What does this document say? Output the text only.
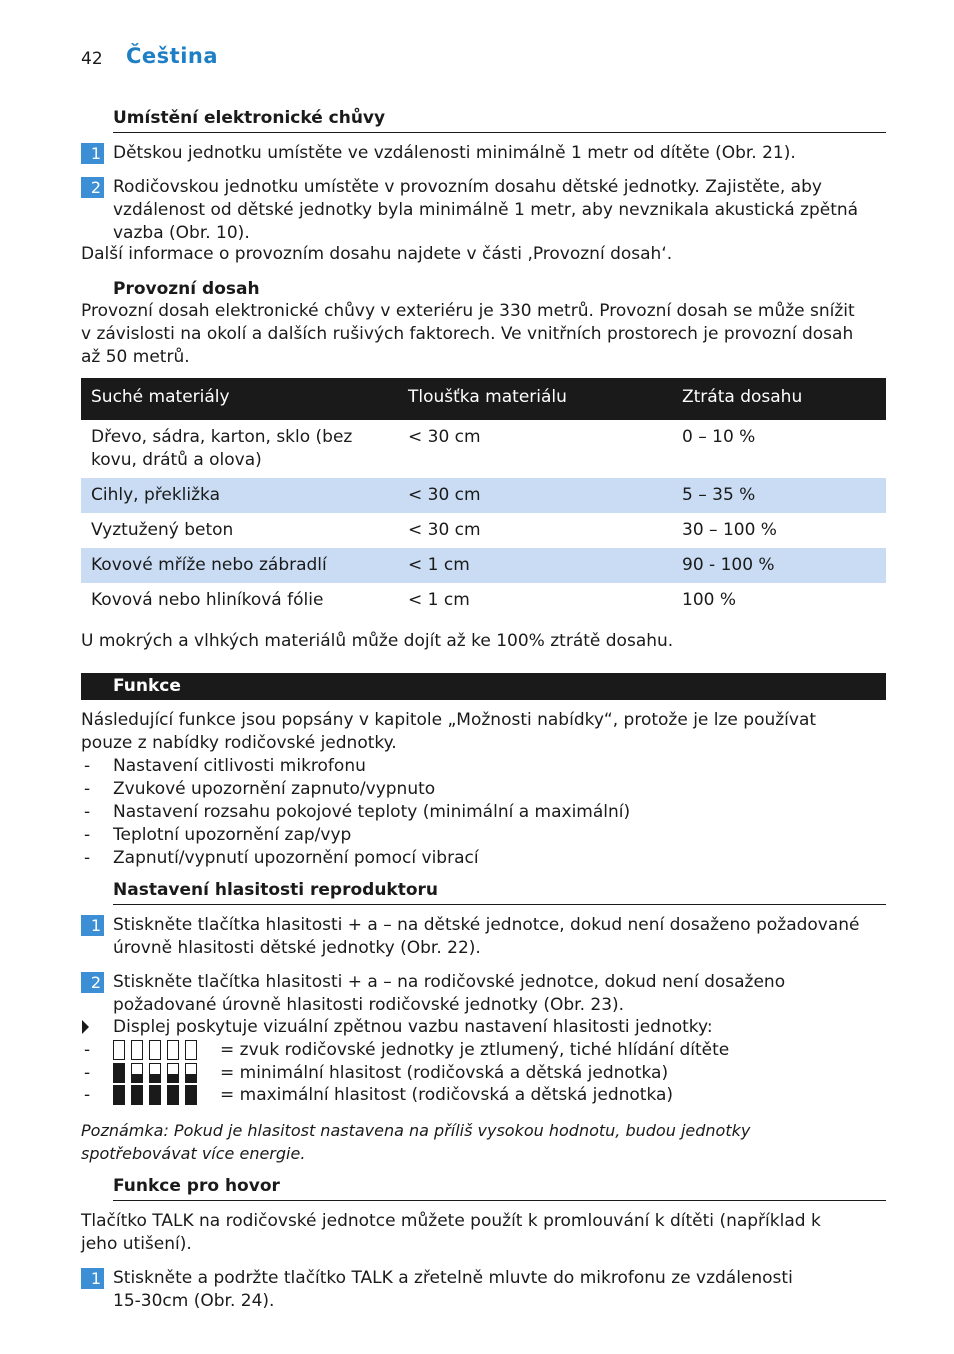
42 Čeština
Umístění elektronické chůvy
1 Dětskou jednotku umístěte ve vzdálenosti minimálně 1 metr od dítěte (Obr. 21).
2 Rodičovskou jednotku umístěte v provozním dosahu dětské jednotky. Zajistěte, aby vzdálenost od dětské jednotky byla minimálně 1 metr, aby nevznikala akustická zpětná vazba (Obr. 10).
Další informace o provozním dosahu najdete v části ‚Provozní dosah‘.
Provozní dosah
Provozní dosah elektronické chůvy v exteriéru je 330 metrů. Provozní dosah se může snížit v závislosti na okolí a dalších rušivých faktorech. Ve vnitřních prostorech je provozní dosah až 50 metrů.
Suché materiály	Tloušťka materiálu	Ztráta dosahu
Dřevo, sádra, karton, sklo (bez kovu, drátů a olova)	< 30 cm	0 – 10 %
Cihly, překližka	< 30 cm	5 – 35 %
Vyztužený beton	< 30 cm	30 – 100 %
Kovové mříže nebo zábradlí	< 1 cm	90 - 100 %
Kovová nebo hliníková fólie	< 1 cm	100 %
U mokrých a vlhkých materiálů může dojít až ke 100% ztrátě dosahu.
Funkce
Následující funkce jsou popsány v kapitole „Možnosti nabídky“, protože je lze používat pouze z nabídky rodičovské jednotky.
- Nastavení citlivosti mikrofonu
- Zvukové upozornění zapnuto/vypnuto
- Nastavení rozsahu pokojové teploty (minimální a maximální)
- Teplotní upozornění zap/vyp
- Zapnutí/vypnutí upozornění pomocí vibrací
Nastavení hlasitosti reproduktoru
1 Stiskněte tlačítka hlasitosti + a – na dětské jednotce, dokud není dosaženo požadované úrovně hlasitosti dětské jednotky (Obr. 22).
2 Stiskněte tlačítka hlasitosti + a – na rodičovské jednotce, dokud není dosaženo požadované úrovně hlasitosti rodičovské jednotky (Obr. 23).
Displej poskytuje vizuální zpětnou vazbu nastavení hlasitosti jednotky:
-	= zvuk rodičovské jednotky je ztlumený, tiché hlídání dítěte
-	= minimální hlasitost (rodičovská a dětská jednotka)
-	= maximální hlasitost (rodičovská a dětská jednotka)
Poznámka: Pokud je hlasitost nastavena na příliš vysokou hodnotu, budou jednotky spotřebovávat více energie.
Funkce pro hovor
Tlačítko TALK na rodičovské jednotce můžete použít k promlouvání k dítěti (například k jeho utišení).
1 Stiskněte a podržte tlačítko TALK a zřetelně mluvte do mikrofonu ze vzdálenosti 15-30cm (Obr. 24).
